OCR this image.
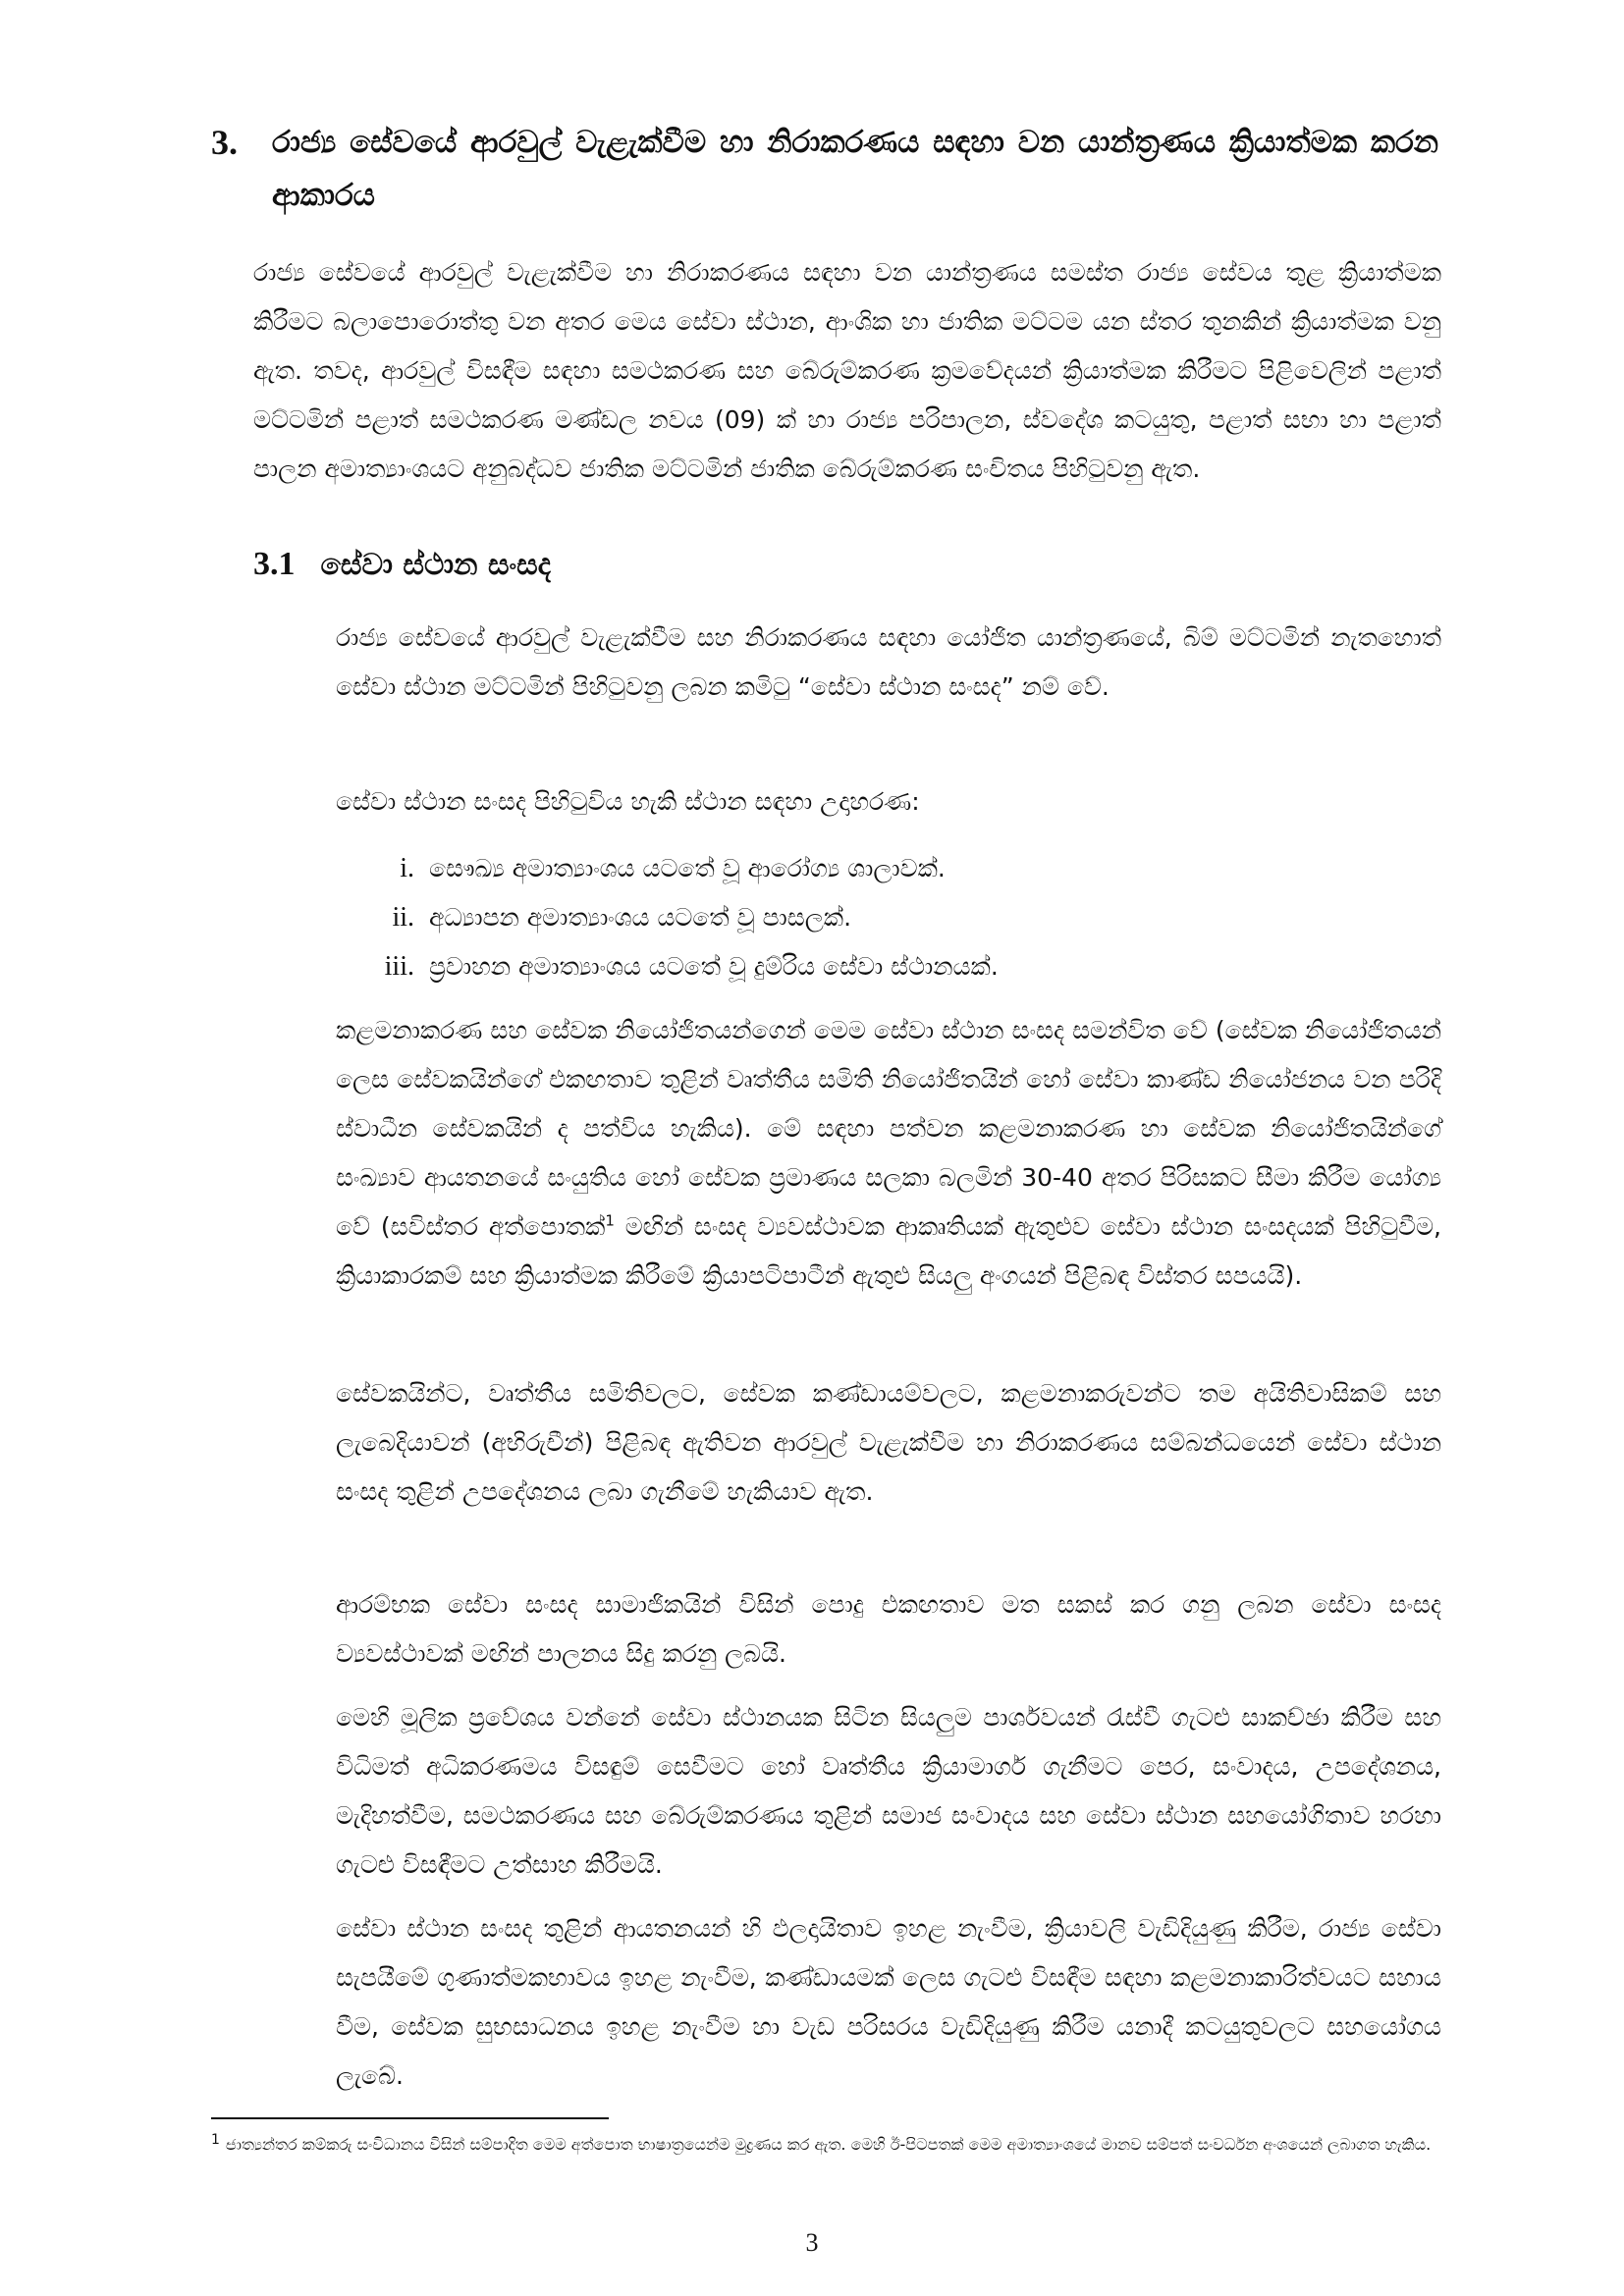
3. රාජ්‍ය සේවයේ ආරවුල් වැළැක්වීම හා නිරාකරණය සඳහා වන යාන්ත්‍රණය ක්‍රියාත්මක කරන ආකාරය

රාජ්‍ය සේවයේ ආරවුල් වැළැක්වීම හා නිරාකරණය සඳහා වන යාන්ත්‍රණය සමස්ත රාජ්‍ය සේවය තුළ ක්‍රියාත්මක කිරීමට බලාපොරොත්තු වන අතර මෙය සේවා ස්ථාන, ආංශික හා ජාතික මට්ටම යන ස්තර තුනකින් ක්‍රියාත්මක වනු ඇත. තවද, ආරවුල් විසඳීම සඳහා සමථකරණ සහ බේරුම්කරණ ක්‍රමවේදයන් ක්‍රියාත්මක කිරීමට පිළිවෙලින් පළාත් මට්ටමින් පළාත් සමථකරණ මණ්ඩල නවය (09) ක් හා රාජ්‍ය පරිපාලන, ස්වදේශ කටයුතු, පළාත් සභා හා පළාත් පාලන අමාත්‍යාංශයට අනුබද්ධව ජාතික මට්ටමින් ජාතික බේරුම්කරණ සංචිතය පිහිටුවනු ඇත.

3.1 සේවා ස්ථාන සංසද

රාජ්‍ය සේවයේ ආරවුල් වැළැක්වීම සහ නිරාකරණය සඳහා යෝජිත යාන්ත්‍රණයේ, බිම් මට්ටමින් නැතහොත් සේවා ස්ථාන මට්ටමින් පිහිටුවනු ලබන කමිටු “සේවා ස්ථාන සංසද” නම් වේ.

සේවා ස්ථාන සංසද පිහිටුවිය හැකි ස්ථාන සඳහා උදාහරණ:

i. සෞඛ්‍ය අමාත්‍යාංශය යටතේ වූ ආරෝග්‍ය ශාලාවක්.
ii. අධ්‍යාපන අමාත්‍යාංශය යටතේ වූ පාසලක්.
iii. ප්‍රවාහන අමාත්‍යාංශය යටතේ වූ දුම්රිය සේවා ස්ථානයක්.

කළමනාකරණ සහ සේවක නියෝජිතයන්ගෙන් මෙම සේවා ස්ථාන සංසද සමන්විත වේ (සේවක නියෝජිතයන් ලෙස සේවකයින්ගේ එකඟතාව තුළින් වෘත්තීය සමිති නියෝජිතයින් හෝ සේවා කාණ්ඩ නියෝජනය වන පරිදි ස්වාධීන සේවකයින් ද පත්විය හැකිය). මේ සඳහා පත්වන කළමනාකරණ හා සේවක නියෝජිතයින්ගේ සංඛ්‍යාව ආයතනයේ සංයුතිය හෝ සේවක ප්‍රමාණය සලකා බලමින් 30-40 අතර පිරිසකට සීමා කිරීම යෝග්‍ය වේ (සවිස්තර අත්පොතක්$^1$ මඟින් සංසද ව්‍යවස්ථාවක ආකෘතියක් ඇතුළුව සේවා ස්ථාන සංසදයක් පිහිටුවීම, ක්‍රියාකාරකම් සහ ක්‍රියාත්මක කිරීමේ ක්‍රියාපටිපාටීන් ඇතුළු සියලු අංගයන් පිළිබඳ විස්තර සපයයි).

සේවකයින්ට, වෘත්තීය සමිතිවලට, සේවක කණ්ඩායම්වලට, කළමනාකරුවන්ට තම අයිතිවාසිකම් සහ ලැබෙදියාවන් (අභිරුචීන්) පිළිබඳ ඇතිවන ආරවුල් වැළැක්වීම හා නිරාකරණය සම්බන්ධයෙන් සේවා ස්ථාන සංසද තුළින් උපදේශනය ලබා ගැනීමේ හැකියාව ඇත.

ආරම්භක සේවා සංසද සාමාජිකයින් විසින් පොදු එකඟතාව මත සකස් කර ගනු ලබන සේවා සංසද ව්‍යවස්ථාවක් මඟින් පාලනය සිදු කරනු ලබයි.

මෙහි මූලික ප්‍රවේශය වන්නේ සේවා ස්ථානයක සිටින සියලුම පාර්ශවයන් රැස්වී ගැටළු සාකච්ඡා කිරීම සහ විධිමත් අධිකරණමය විසඳුම් සෙවීමට හෝ වෘත්තීය ක්‍රියාමාර්ග ගැනීමට පෙර, සංවාදය, උපදේශනය, මැදිහත්වීම, සමථකරණය සහ බේරුම්කරණය තුළින් සමාජ සංවාදය සහ සේවා ස්ථාන සහයෝගිතාව හරහා ගැටළු විසඳීමට උත්සාහ කිරීමයි.

සේවා ස්ථාන සංසද තුළින් ආයතනයන් හි ඵලදායිතාව ඉහළ නැංවීම, ක්‍රියාවලි වැඩිදියුණු කිරීම, රාජ්‍ය සේවා සැපයීමේ ගුණාත්මකභාවය ඉහළ නැංවීම, කණ්ඩායමක් ලෙස ගැටළු විසඳීම සඳහා කළමනාකාරිත්වයට සහාය වීම, සේවක සුභසාධනය ඉහළ නැංවීම හා වැඩ පරිසරය වැඩිදියුණු කිරීම යනාදී කටයුතුවලට සහයෝගය ලැබේ.

$^1$ ජාත්‍යන්තර කම්කරු සංවිධානය විසින් සම්පාදිත මෙම අත්පොත භාෂාත්‍රයෙන්ම මුද්‍රණය කර ඇත. මෙහි ඊ-පිටපතක් මෙම අමාත්‍යාංශයේ මානව සම්පත් සංවර්ධන අංශයෙන් ලබාගත හැකිය.

3
